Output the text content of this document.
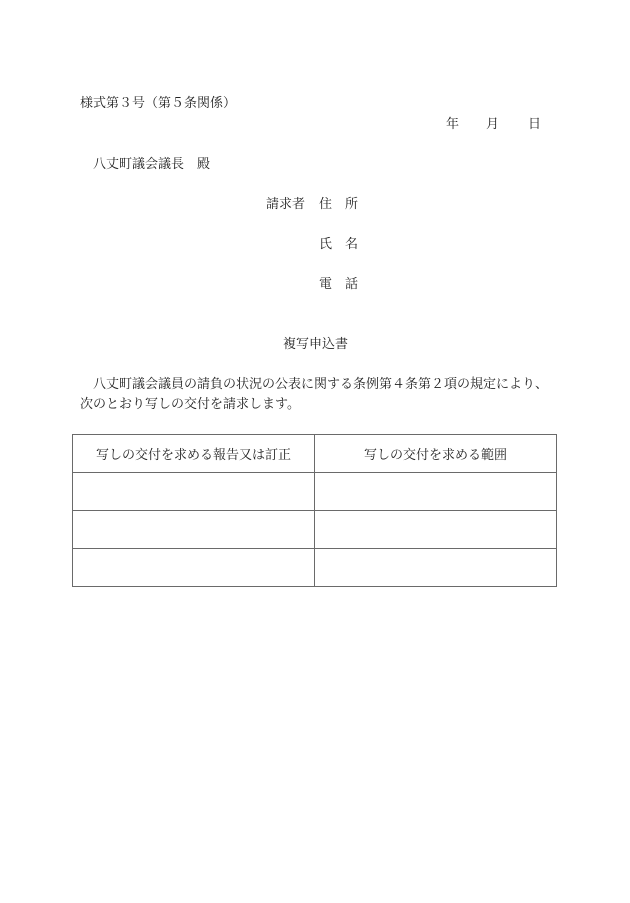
様式第３号（第５条関係）
年 月 日
八丈町議会議長　殿
請求者 住　所
氏　名
電　話
複写申込書
八丈町議会議員の請負の状況の公表に関する条例第４条第２項の規定により、
次のとおり写しの交付を請求します。
写しの交付を求める報告又は訂正	写しの交付を求める範囲
